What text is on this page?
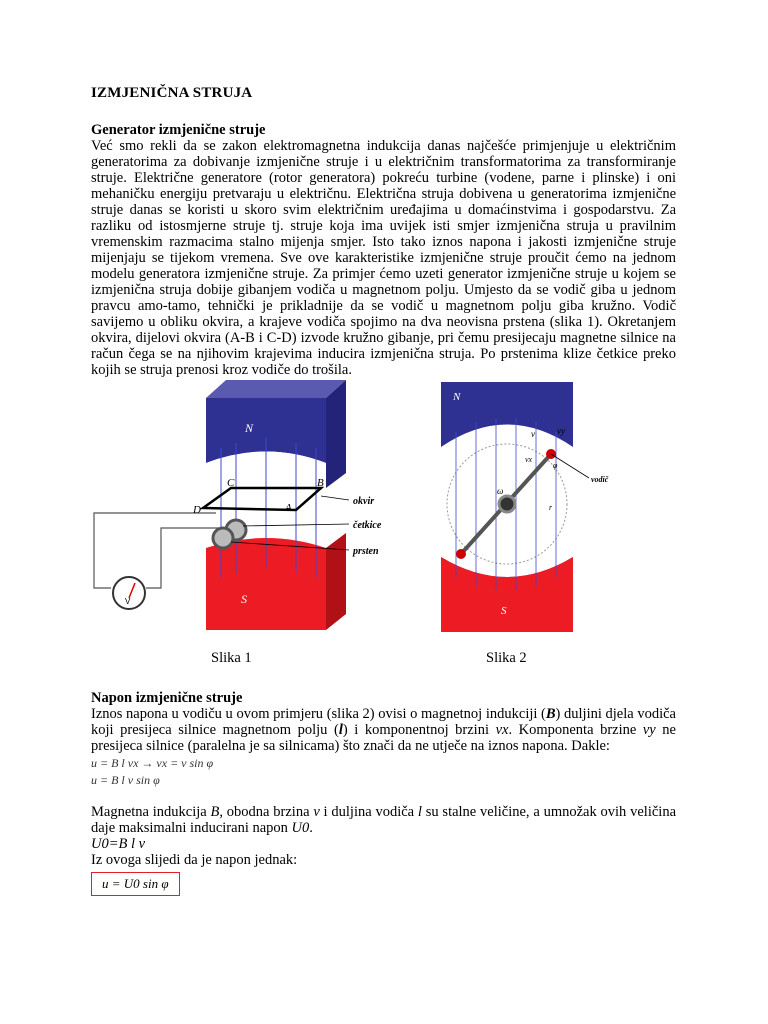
IZMJENIČNA STRUJA
Generator izmjenične struje

Već smo rekli da se zakon elektromagnetna indukcija danas najčešće primjenjuje u električnim generatorima za dobivanje izmjenične struje i u električnim transformatorima za transformiranje struje. Električne generatore (rotor generatora) pokreću turbine (vodene, parne i plinske) i oni mehaničku energiju pretvaraju u električnu. Električna struja dobivena u generatorima izmjenične struje danas se koristi u skoro svim električnim uređajima u domaćinstvima i gospodarstvu. Za razliku od istosmjerne struje tj. struje koja ima uvijek isti smjer izmjenična struja u pravilnim vremenskim razmacima stalno mijenja smjer. Isto tako iznos napona i jakosti izmjenične struje mijenjaju se tijekom vremena. Sve ove karakteristike izmjenične struje proučit ćemo na jednom modelu generatora izmjenične struje. Za primjer ćemo uzeti generator izmjenične struje u kojem se izmjenična struja dobije gibanjem vodiča u magnetnom polju. Umjesto da se vodič giba u jednom pravcu amo-tamo, tehnički je prikladnije da se vodič u magnetnom polju giba kružno. Vodič savijemo u obliku okvira, a krajeve vodiča spojimo na dva neovisna prstena (slika 1). Okretanjem okvira, dijelovi okvira (A-B i C-D) izvode kružno gibanje, pri čemu presijecaju magnetne silnice na račun čega se na njihovim krajevima inducira izmjenična struja. Po prstenima klize četkice preko kojih se struja prenosi kroz vodiče do trošila.

N
S
C	B
D	A
okvir
četkice
prsten
V
N
S
v vy
vx
φ
ω
vodič
r
Slika 1	Slika 2
Napon izmjenične struje

Iznos napona u vodiču u ovom primjeru (slika 2) ovisi o magnetnoj indukciji (B) duljini djela vodiča koji presijeca silnice magnetnom polju (l) i komponentnoj brzini vx. Komponenta brzine vy ne presijeca silnice (paralelna je sa silnicama) što znači da ne utječe na iznos napona. Dakle:

u = B l vx → vx = v sin φ
u = B l v sin φ

Magnetna indukcija B, obodna brzina v i duljina vodiča l su stalne veličine, a umnožak ovih veličina daje maksimalni inducirani napon U0.

U0=B l v
Iz ovoga slijedi da je napon jednak:
u = U0 sin φ
